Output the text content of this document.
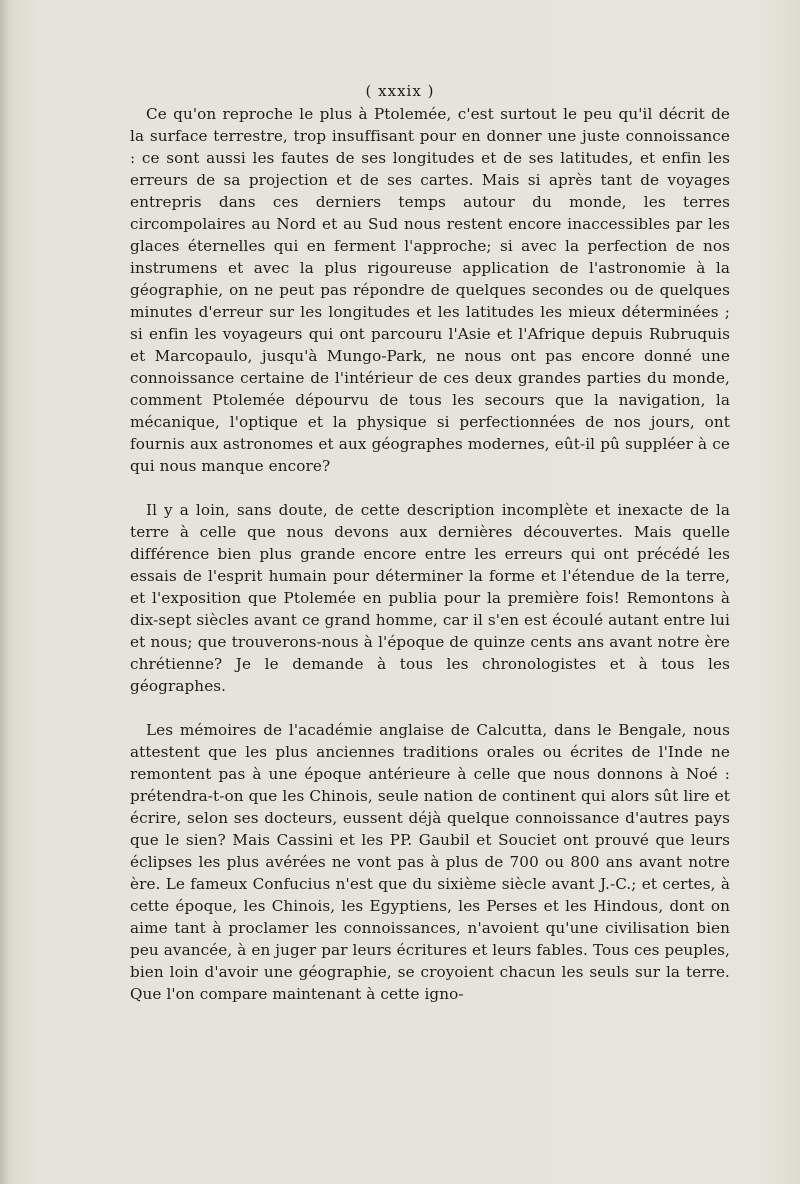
( xxxix )

Ce qu'on reproche le plus à Ptolemée, c'est surtout le peu qu'il décrit de la surface terrestre, trop insuffisant pour en donner une juste connoissance : ce sont aussi les fautes de ses longitudes et de ses latitudes, et enfin les erreurs de sa projection et de ses cartes. Mais si après tant de voyages entrepris dans ces derniers temps autour du monde, les terres circompolaires au Nord et au Sud nous restent encore inaccessibles par les glaces éternelles qui en ferment l'approche; si avec la perfection de nos instrumens et avec la plus rigoureuse application de l'astronomie à la géographie, on ne peut pas répondre de quelques secondes ou de quelques minutes d'erreur sur les longitudes et les latitudes les mieux déterminées ; si enfin les voyageurs qui ont parcouru l'Asie et l'Afrique depuis Rubruquis et Marcopaulo, jusqu'à Mungo-Park, ne nous ont pas encore donné une connoissance certaine de l'intérieur de ces deux grandes parties du monde, comment Ptolemée dépourvu de tous les secours que la navigation, la mécanique, l'optique et la physique si perfectionnées de nos jours, ont fournis aux astronomes et aux géographes modernes, eût-il pû suppléer à ce qui nous manque encore?

Il y a loin, sans doute, de cette description incomplète et inexacte de la terre à celle que nous devons aux dernières découvertes. Mais quelle différence bien plus grande encore entre les erreurs qui ont précédé les essais de l'esprit humain pour déterminer la forme et l'étendue de la terre, et l'exposition que Ptolemée en publia pour la première fois! Remontons à dix-sept siècles avant ce grand homme, car il s'en est écoulé autant entre lui et nous; que trouverons-nous à l'époque de quinze cents ans avant notre ère chrétienne? Je le demande à tous les chronologistes et à tous les géographes.

Les mémoires de l'académie anglaise de Calcutta, dans le Bengale, nous attestent que les plus anciennes traditions orales ou écrites de l'Inde ne remontent pas à une époque antérieure à celle que nous donnons à Noé : prétendra-t-on que les Chinois, seule nation de continent qui alors sût lire et écrire, selon ses docteurs, eussent déjà quelque connoissance d'autres pays que le sien? Mais Cassini et les PP. Gaubil et Souciet ont prouvé que leurs éclipses les plus avérées ne vont pas à plus de 700 ou 800 ans avant notre ère. Le fameux Confucius n'est que du sixième siècle avant J.-C.; et certes, à cette époque, les Chinois, les Egyptiens, les Perses et les Hindous, dont on aime tant à proclamer les connoissances, n'avoient qu'une civilisation bien peu avancée, à en juger par leurs écritures et leurs fables. Tous ces peuples, bien loin d'avoir une géographie, se croyoient chacun les seuls sur la terre. Que l'on compare maintenant à cette igno-
